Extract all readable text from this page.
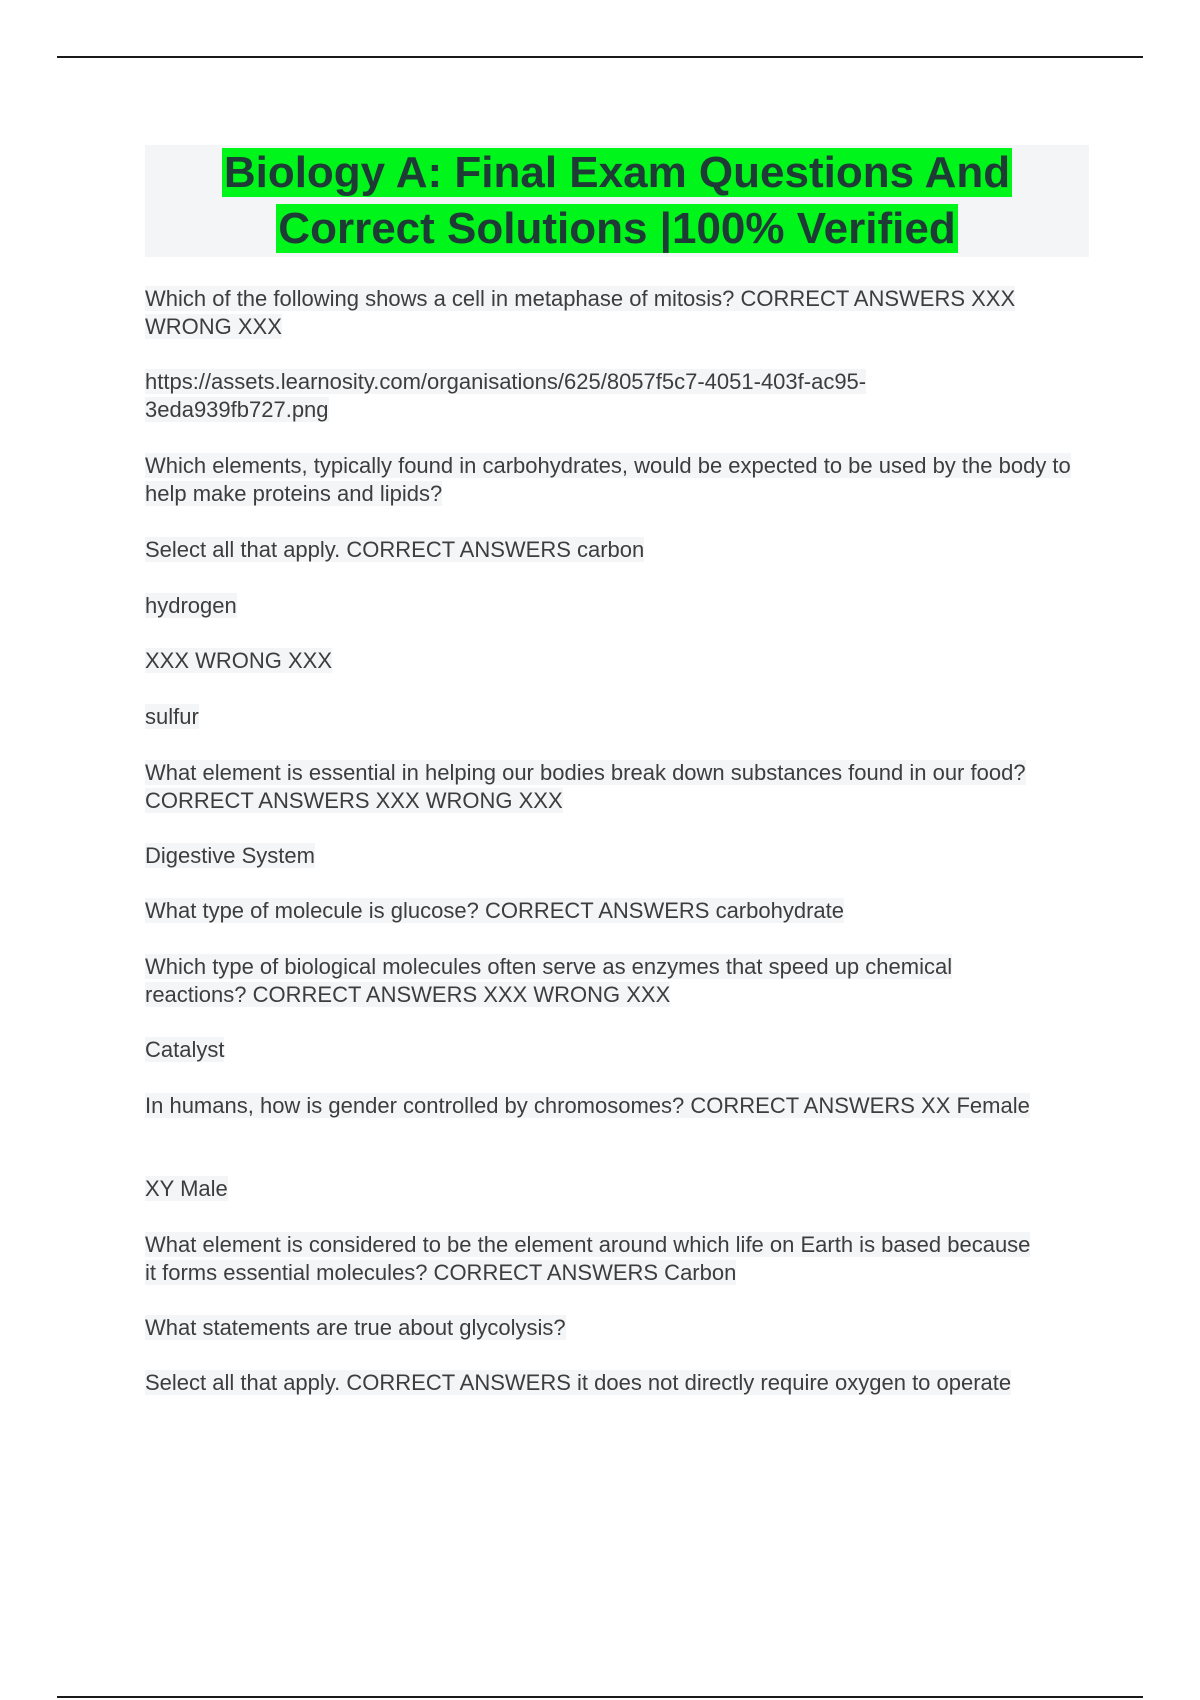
Biology A: Final Exam Questions And
Correct Solutions |100% Verified

Which of the following shows a cell in metaphase of mitosis? CORRECT ANSWERS XXX WRONG XXX

https://assets.learnosity.com/organisations/625/8057f5c7-4051-403f-ac95-3eda939fb727.png

Which elements, typically found in carbohydrates, would be expected to be used by the body to help make proteins and lipids?

Select all that apply. CORRECT ANSWERS carbon

hydrogen

XXX WRONG XXX

sulfur

What element is essential in helping our bodies break down substances found in our food? CORRECT ANSWERS XXX WRONG XXX

Digestive System

What type of molecule is glucose? CORRECT ANSWERS carbohydrate

Which type of biological molecules often serve as enzymes that speed up chemical reactions? CORRECT ANSWERS XXX WRONG XXX

Catalyst

In humans, how is gender controlled by chromosomes? CORRECT ANSWERS XX Female

XY Male

What element is considered to be the element around which life on Earth is based because it forms essential molecules? CORRECT ANSWERS Carbon

What statements are true about glycolysis?

Select all that apply. CORRECT ANSWERS it does not directly require oxygen to operate
